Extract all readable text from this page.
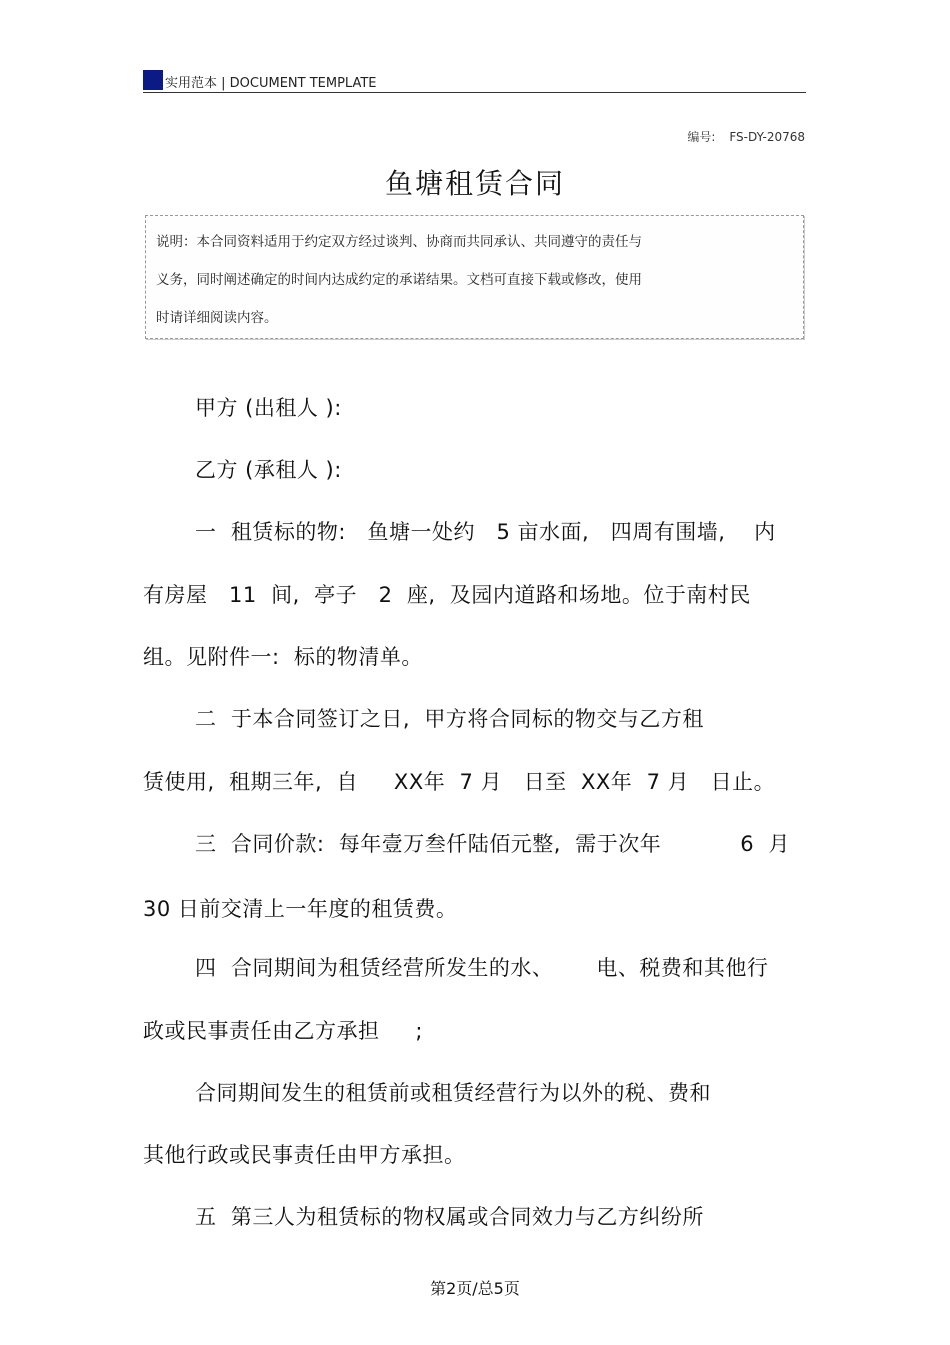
实用范本 | DOCUMENT TEMPLATE
编号: FS-DY-20768
鱼塘租赁合同
说明：本合同资料适用于约定双方经过谈判、协商而共同承认、共同遵守的责任与
义务，同时阐述确定的时间内达成约定的承诺结果。文档可直接下载或修改，使用
时请详细阅读内容。
甲方 (出租人 ):
乙方 (承租人 ):
一  租赁标的物:   鱼塘一处约   5 亩水面,   四周有围墙,    内
有房屋   11  间,  亭子   2  座,  及园内道路和场地。位于南村民
组。见附件一:  标的物清单。
二  于本合同签订之日,  甲方将合同标的物交与乙方租
赁使用,  租期三年,  自     XX年  7 月   日至  XX年  7 月   日止。
三  合同价款:  每年壹万叁仟陆佰元整,  需于次年           6  月
30 日前交清上一年度的租赁费。
四  合同期间为租赁经营所发生的水、      电、税费和其他行
政或民事责任由乙方承担     ;
合同期间发生的租赁前或租赁经营行为以外的税、费和
其他行政或民事责任由甲方承担。
五  第三人为租赁标的物权属或合同效力与乙方纠纷所
第2页/总5页
